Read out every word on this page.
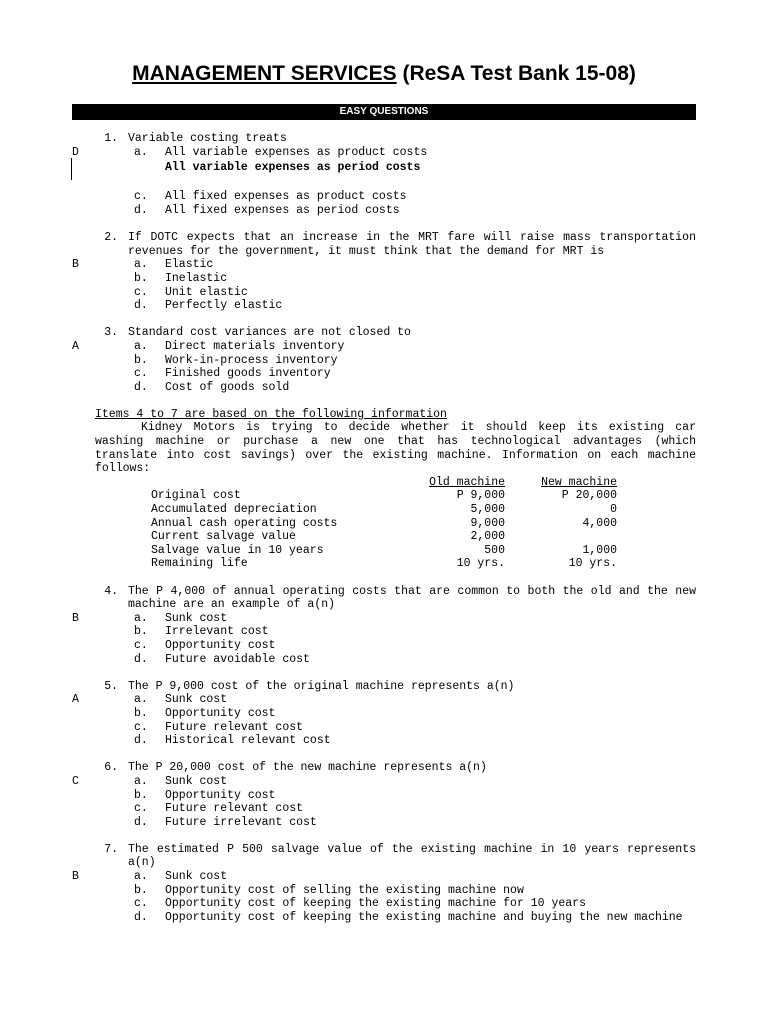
MANAGEMENT SERVICES (ReSA Test Bank 15-08)
EASY QUESTIONS
1. Variable costing treats
D	a.	All variable expenses as product costs
All variable expenses as period costs
c.	All fixed expenses as product costs
d.	All fixed expenses as period costs
2. If DOTC expects that an increase in the MRT fare will raise mass transportation revenues for the government, it must think that the demand for MRT is
B	a.	Elastic
b.	Inelastic
c.	Unit elastic
d.	Perfectly elastic
3. Standard cost variances are not closed to
A	a.	Direct materials inventory
b.	Work-in-process inventory
c.	Finished goods inventory
d.	Cost of goods sold
Items 4 to 7 are based on the following information
Kidney Motors is trying to decide whether it should keep its existing car washing machine or purchase a new one that has technological advantages (which translate into cost savings) over the existing machine. Information on each machine follows:
	Old machine	New machine	
Original cost	P 9,000	P 20,000	
Accumulated depreciation	5,000	0	
Annual cash operating costs	9,000	4,000	
Current salvage value	2,000		
Salvage value in 10 years	500	1,000	
Remaining life	10 yrs.	10 yrs.	
4. The P 4,000 of annual operating costs that are common to both the old and the new machine are an example of a(n)
B	a.	Sunk cost
b.	Irrelevant cost
c.	Opportunity cost
d.	Future avoidable cost
5. The P 9,000 cost of the original machine represents a(n)
A	a.	Sunk cost
b.	Opportunity cost
c.	Future relevant cost
d.	Historical relevant cost
6. The P 20,000 cost of the new machine represents a(n)
C	a.	Sunk cost
b.	Opportunity cost
c.	Future relevant cost
d.	Future irrelevant cost
7. The estimated P 500 salvage value of the existing machine in 10 years represents a(n)
B	a.	Sunk cost
b.	Opportunity cost of selling the existing machine now
c.	Opportunity cost of keeping the existing machine for 10 years
d.	Opportunity cost of keeping the existing machine and buying the new machine
